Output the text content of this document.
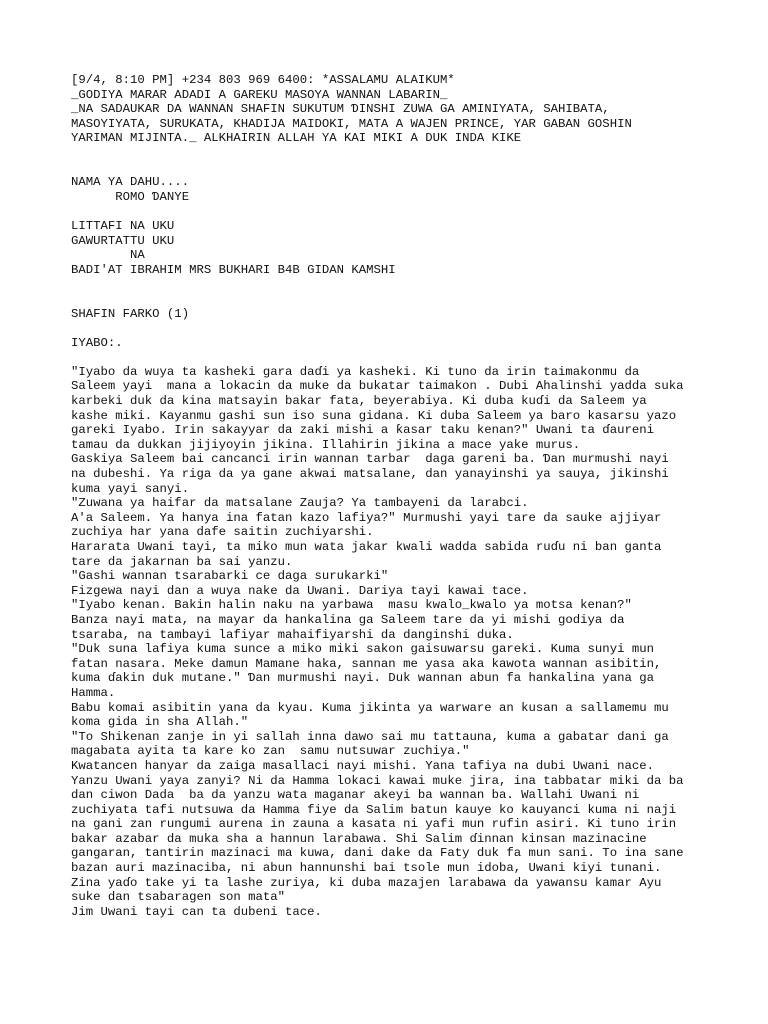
[9/4, 8:10 PM] +234 803 969 6400: *ASSALAMU ALAIKUM*
_GODIYA MARAR ADADI A GAREKU MASOYA WANNAN LABARIN_
_NA SADAUKAR DA WANNAN SHAFIN SUKUTUM ƊINSHI ZUWA GA AMINIYATA, SAHIBATA,
MASOYIYATA, SURUKATA, KHADIJA MAIDOKI, MATA A WAJEN PRINCE, YAR GABAN GOSHIN
YARIMAN MIJINTA._ ALKHAIRIN ALLAH YA KAI MIKI A DUK INDA KIKE
NAMA YA DAHU....
ROMO ƊANYE
LITTAFI NA UKU
GAWURTATTU UKU
NA
BADI'AT IBRAHIM MRS BUKHARI B4B GIDAN KAMSHI
SHAFIN FARKO (1)
IYABO:.
"Iyabo da wuya ta kasheki gara daɗi ya kasheki. Ki tuno da irin taimakonmu da
Saleem yayi  mana a lokacin da muke da bukatar taimakon . Dubi Ahalinshi yadda suka
karbeki duk da kina matsayin bakar fata, beyerabiya. Ki duba kuɗi da Saleem ya
kashe miki. Kayanmu gashi sun iso suna gidana. Ki duba Saleem ya baro kasarsu yazo
gareki Iyabo. Irin sakayyar da zaki mishi a ƙasar taku kenan?" Uwani ta ɗaureni
tamau da dukkan jijiyoyin jikina. Illahirin jikina a mace yake murus.
Gaskiya Saleem bai cancanci irin wannan tarbar  daga gareni ba. Ɗan murmushi nayi
na dubeshi. Ya riga da ya gane akwai matsalane, dan yanayinshi ya sauya, jikinshi
kuma yayi sanyi.
"Zuwana ya haifar da matsalane Zauja? Ya tambayeni da larabci.
A'a Saleem. Ya hanya ina fatan kazo lafiya?" Murmushi yayi tare da sauke ajjiyar
zuchiya har yana dafe saitin zuchiyarshi.
Hararata Uwani tayi, ta miko mun wata jakar kwali wadda sabida ruɗu ni ban ganta
tare da jakarnan ba sai yanzu.
"Gashi wannan tsarabarki ce daga surukarki"
Fizgewa nayi dan a wuya nake da Uwani. Dariya tayi kawai tace.
"Iyabo kenan. Bakin halin naku na yarbawa  masu kwalo_kwalo ya motsa kenan?"
Banza nayi mata, na mayar da hankalina ga Saleem tare da yi mishi godiya da
tsaraba, na tambayi lafiyar mahaifiyarshi da danginshi duka.
"Duk suna lafiya kuma sunce a miko miki sakon gaisuwarsu gareki. Kuma sunyi mun
fatan nasara. Meke damun Mamane haka, sannan me yasa aka kawota wannan asibitin,
kuma ɗakin duk mutane." Ɗan murmushi nayi. Duk wannan abun fa hankalina yana ga
Hamma.
Babu komai asibitin yana da kyau. Kuma jikinta ya warware an kusan a sallamemu mu
koma gida in sha Allah."
"To Shikenan zanje in yi sallah inna dawo sai mu tattauna, kuma a gabatar dani ga
magabata ayita ta kare ko zan  samu nutsuwar zuchiya."
Kwatancen hanyar da zaiga masallaci nayi mishi. Yana tafiya na dubi Uwani nace.
Yanzu Uwani yaya zanyi? Ni da Hamma lokaci kawai muke jira, ina tabbatar miki da ba
dan ciwon Dada  ba da yanzu wata maganar akeyi ba wannan ba. Wallahi Uwani ni
zuchiyata tafi nutsuwa da Hamma fiye da Salim batun kauye ko kauyanci kuma ni naji
na gani zan rungumi aurena in zauna a kasata ni yafi mun rufin asiri. Ki tuno irin
bakar azabar da muka sha a hannun larabawa. Shi Salim ɗinnan kinsan mazinacine
gangaran, tantirin mazinaci ma kuwa, dani dake da Faty duk fa mun sani. To ina sane
bazan auri mazinaciba, ni abun hannunshi bai tsole mun idoba, Uwani kiyi tunani.
Zina yaɗo take yi ta lashe zuriya, ki duba mazajen larabawa da yawansu kamar Ayu
suke dan tsabaragen son mata"
Jim Uwani tayi can ta dubeni tace.
